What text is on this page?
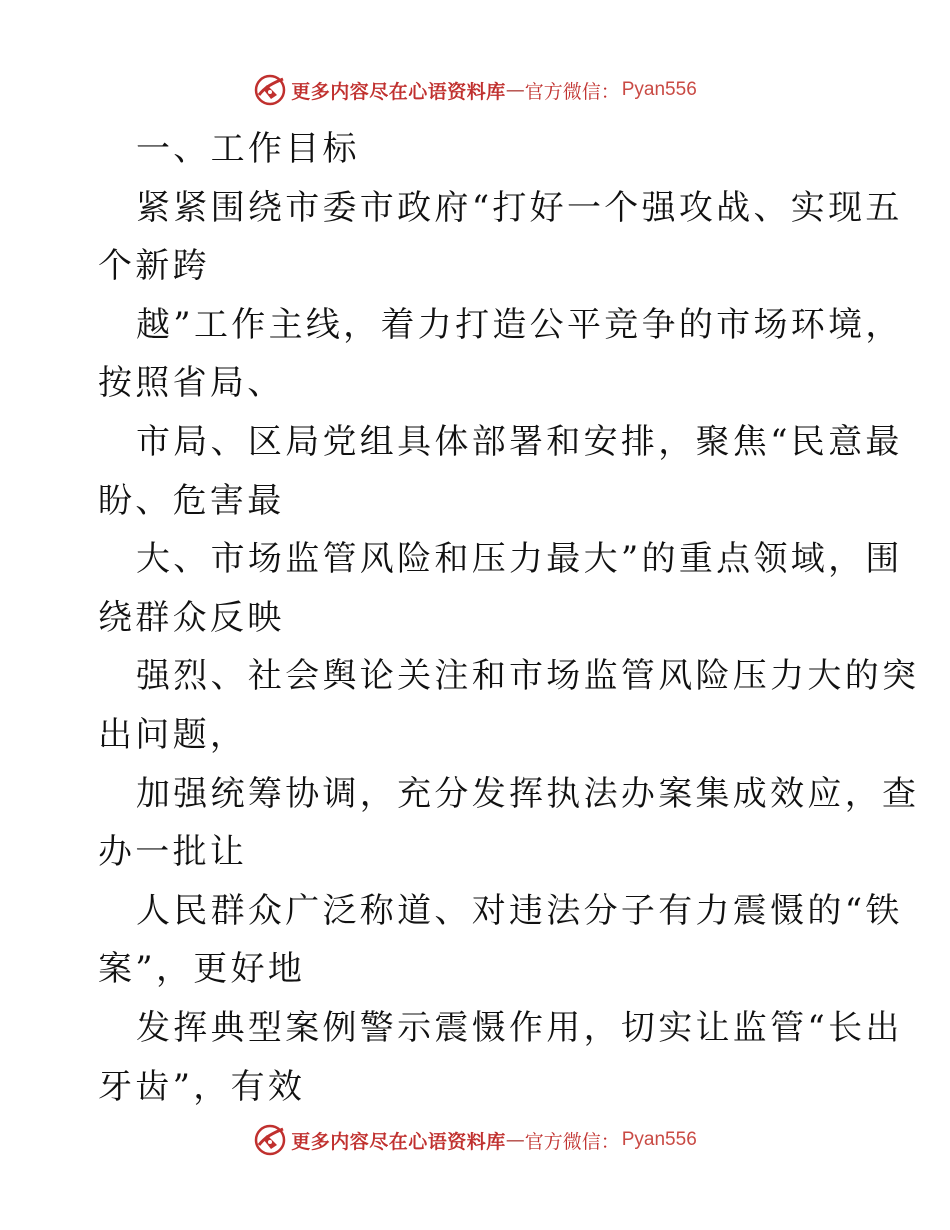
更多内容尽在心语资料库 — 官方微信： Pyan556
一、工作目标
紧紧围绕市委市政府“打好一个强攻战、实现五
个新跨
越”工作主线，着力打造公平竞争的市场环境，
按照省局、
市局、区局党组具体部署和安排，聚焦“民意最
盼、危害最
大、市场监管风险和压力最大”的重点领域，围
绕群众反映
强烈、社会舆论关注和市场监管风险压力大的突
出问题，
加强统筹协调，充分发挥执法办案集成效应，查
办一批让
人民群众广泛称道、对违法分子有力震慑的“铁
案”，更好地
发挥典型案例警示震慑作用，切实让监管“长出
牙齿”，有效
更多内容尽在心语资料库 — 官方微信： Pyan556
